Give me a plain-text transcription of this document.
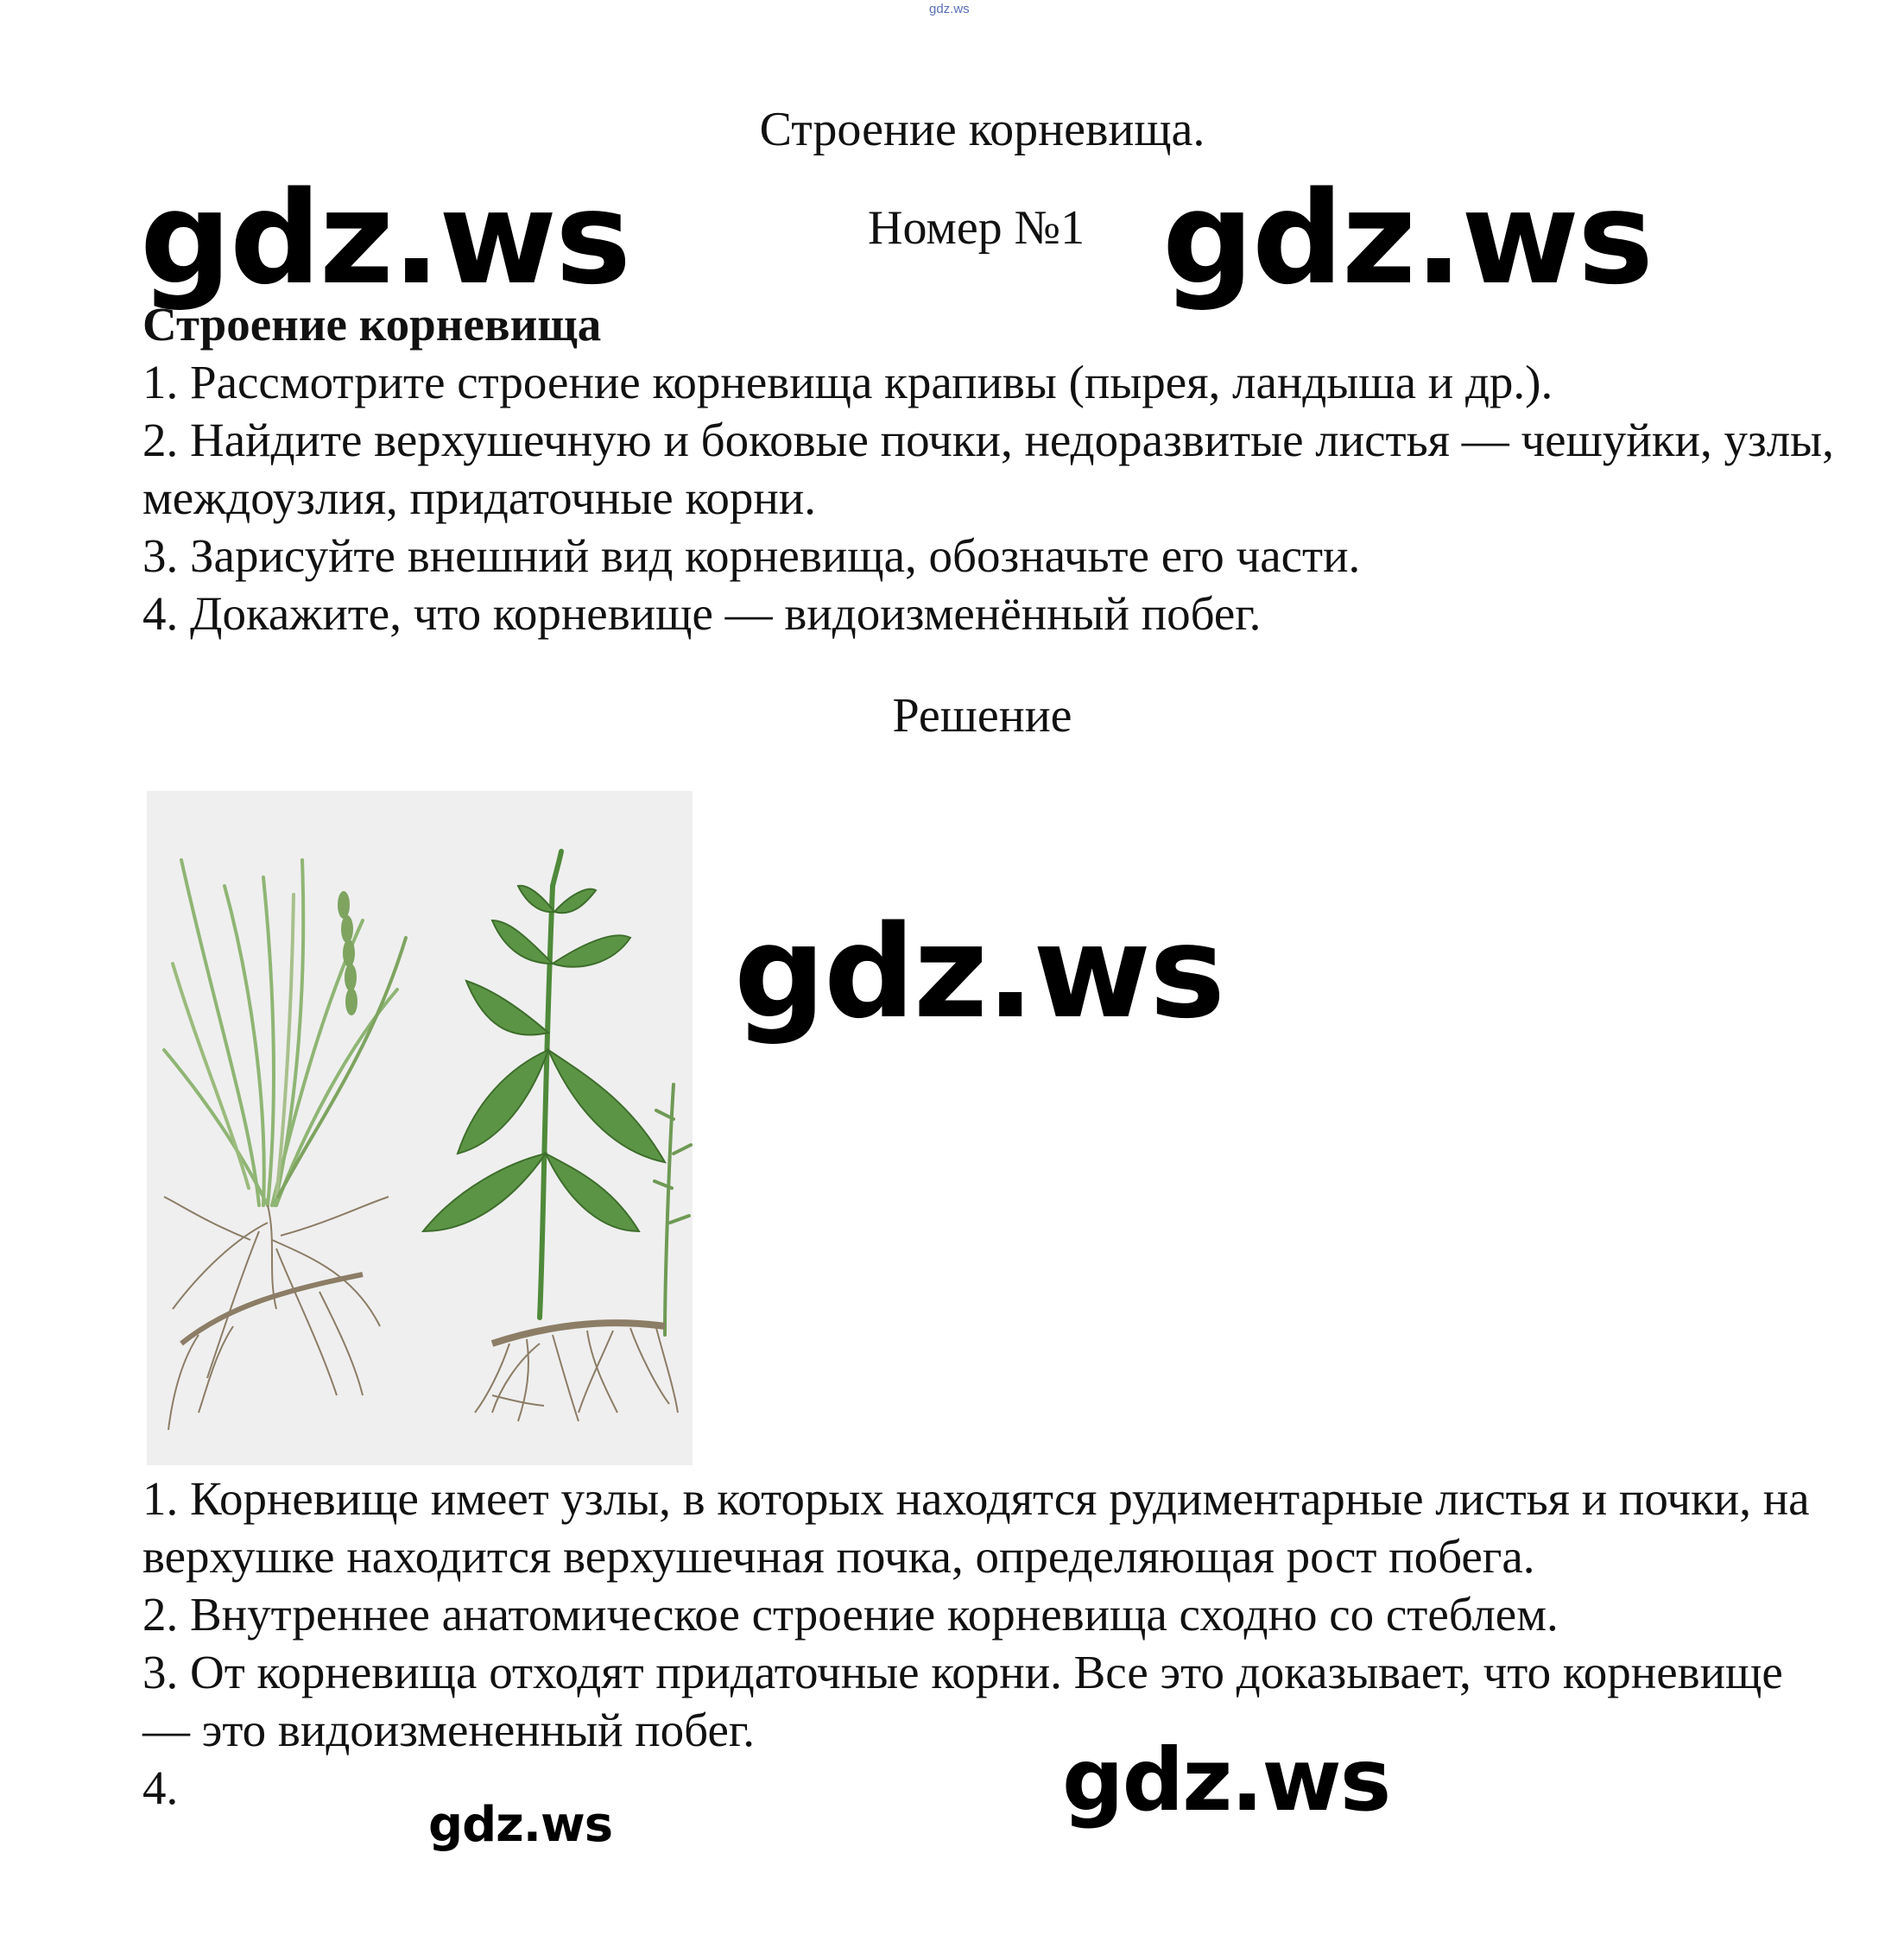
gdz.ws
Строение корневища.
Номер №1
gdz.ws	gdz.ws

Строение корневища

1. Рассмотрите строение корневища крапивы (пырея, ландыша и др.).

2. Найдите верхушечную и боковые почки, недоразвитые листья — чешуйки, узлы, междоузлия, придаточные корни.

3. Зарисуйте внешний вид корневища, обозначьте его части.

4. Докажите, что корневище — видоизменённый побег.

Решение
gdz.ws

1. Корневище имеет узлы, в которых находятся рудиментарные листья и почки, на верхушке находится верхушечная почка, определяющая рост побега.

2. Внутреннее анатомическое строение корневища сходно со стеблем.

3. От корневища отходят придаточные корни. Все это доказывает, что корневище — это видоизмененный побег.

4.	gdz.ws
gdz.ws
